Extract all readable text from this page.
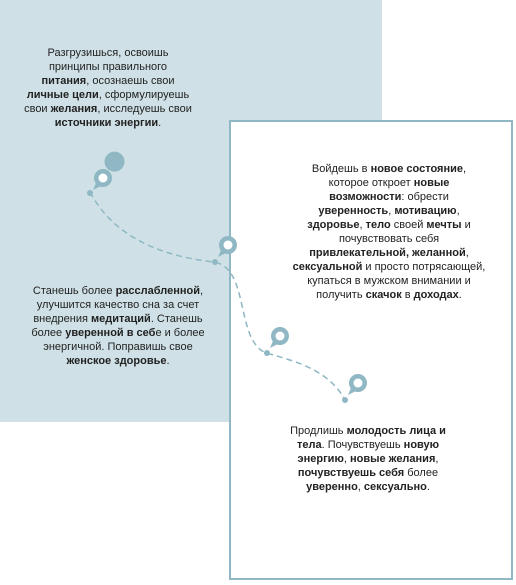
Разгрузишься, освоишь принципы правильного питания, осознаешь свои личные цели, сформулируешь свои желания, исследуешь свои источники энергии.
Войдешь в новое состояние, которое откроет новые возможности: обрести уверенность, мотивацию, здоровье, тело своей мечты и почувствовать себя привлекательной, желанной, сексуальной и просто потрясающей, купаться в мужском внимании и получить скачок в доходах.
Станешь более расслабленной, улучшится качество сна за счет внедрения медитаций. Станешь более уверенной в себе и более энергичной. Поправишь свое женское здоровье.
Продлишь молодость лица и тела. Почувствуешь новую энергию, новые желания, почувствуешь себя более уверенно, сексуально.
